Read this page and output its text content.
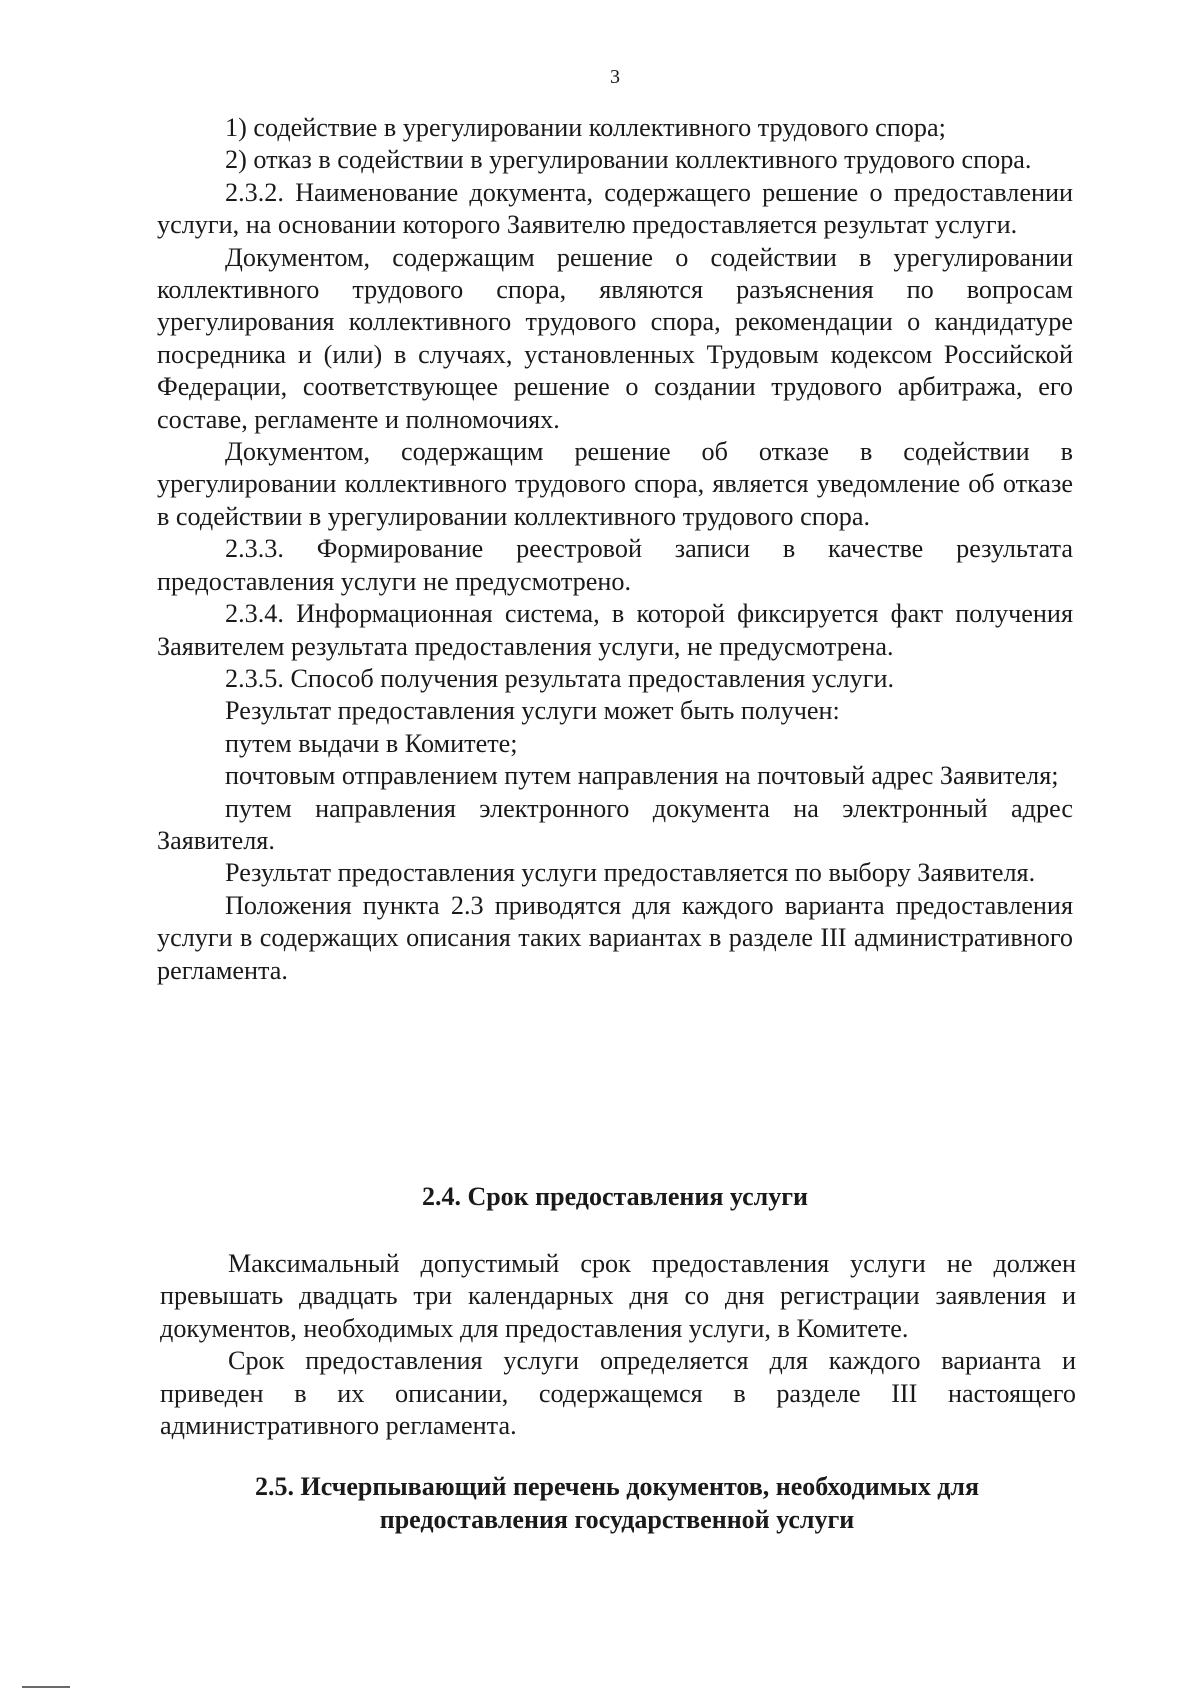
3

1) содействие в урегулировании коллективного трудового спора;

2) отказ в содействии в урегулировании коллективного трудового спора.

2.3.2. Наименование документа, содержащего решение о предоставлении услуги, на основании которого Заявителю предоставляется результат услуги.

Документом, содержащим решение о содействии в урегулировании коллективного трудового спора, являются разъяснения по вопросам урегулирования коллективного трудового спора, рекомендации о кандидатуре посредника и (или) в случаях, установленных Трудовым кодексом Российской Федерации, соответствующее решение о создании трудового арбитража, его составе, регламенте и полномочиях.

Документом, содержащим решение об отказе в содействии в урегулировании коллективного трудового спора, является уведомление об отказе в содействии в урегулировании коллективного трудового спора.

2.3.3. Формирование реестровой записи в качестве результата предоставления услуги не предусмотрено.

2.3.4. Информационная система, в которой фиксируется факт получения Заявителем результата предоставления услуги, не предусмотрена.

2.3.5. Способ получения результата предоставления услуги.

Результат предоставления услуги может быть получен:

путем выдачи в Комитете;

почтовым отправлением путем направления на почтовый адрес Заявителя;

путем направления электронного документа на электронный адрес Заявителя.

Результат предоставления услуги предоставляется по выбору Заявителя.

Положения пункта 2.3 приводятся для каждого варианта предоставления услуги в содержащих описания таких вариантах в разделе III административного регламента.

2.4. Срок предоставления услуги

Максимальный допустимый срок предоставления услуги не должен превышать двадцать три календарных дня со дня регистрации заявления и документов, необходимых для предоставления услуги, в Комитете.

Срок предоставления услуги определяется для каждого варианта и приведен в их описании, содержащемся в разделе III настоящего административного регламента.

2.5. Исчерпывающий перечень документов, необходимых для
предоставления государственной услуги
